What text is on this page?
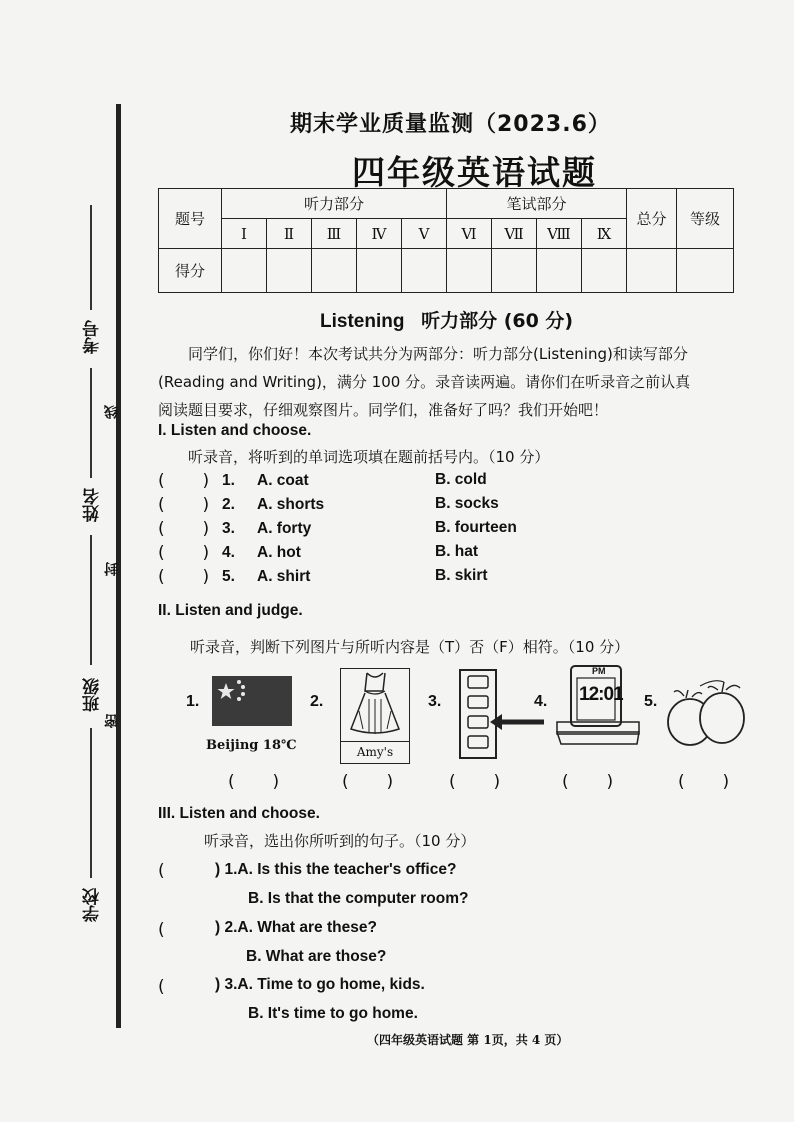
考号
姓名
班级
学校
线
封
密
期末学业质量监测（2023.6）
四年级英语试题
题号	听力部分					笔试部分				总分	等级
	Ⅰ	Ⅱ	Ⅲ	Ⅳ	Ⅴ	Ⅵ	Ⅶ	Ⅷ	Ⅸ		
得分											
Listening 听力部分 (60 分)
同学们，你们好！本次考试共分为两部分：听力部分(Listening)和读写部分
(Reading and Writing)，满分 100 分。录音读两遍。请你们在听录音之前认真
阅读题目要求，仔细观察图片。同学们，准备好了吗？我们开始吧！
I. Listen and choose.
听录音，将听到的单词选项填在题前括号内。（10 分）
(       ) 1. A. coat	B. cold
(       ) 2. A. shorts	B. socks
(       ) 3. A. forty	B. fourteen
(       ) 4. A. hot	B. hat
(       ) 5. A. shirt	B. skirt
II. Listen and judge.
听录音，判断下列图片与所听内容是（T）否（F）相符。（10 分）
1.	2.	3.	4.	5.
Beijing 18℃	Amy's
PM
12:01
(       )	(       )	(       )	(       )	(       )
III. Listen and choose.
听录音，选出你所听到的句子。（10 分）
(	) 1.A. Is this the teacher's office?
B. Is that the computer room?
(	) 2.A. What are these?
B. What are those?
(	) 3.A. Time to go home, kids.
B. It's time to go home.
（四年级英语试题 第 1页，共 4 页）
